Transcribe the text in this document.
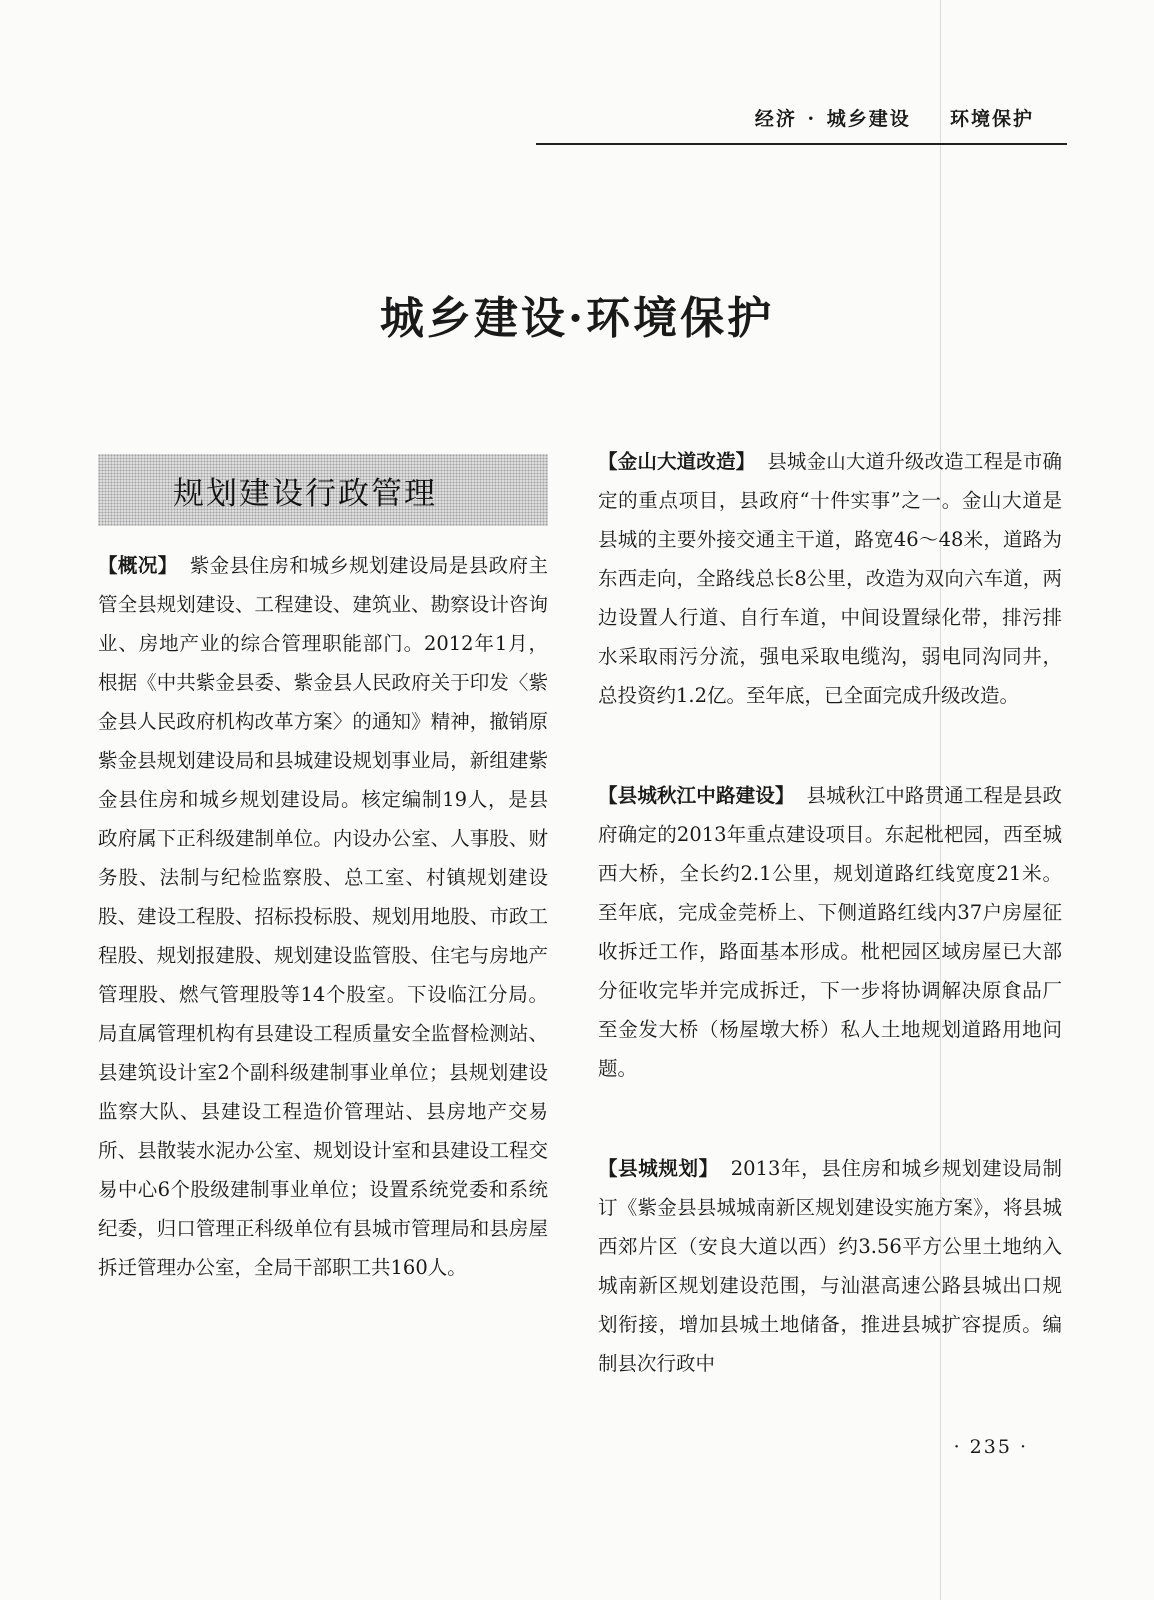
经济 · 城乡建设 环境保护
城乡建设·环境保护
规划建设行政管理

【概况】 紫金县住房和城乡规划建设局是县政府主管全县规划建设、工程建设、建筑业、勘察设计咨询业、房地产业的综合管理职能部门。2012年1月，根据《中共紫金县委、紫金县人民政府关于印发〈紫金县人民政府机构改革方案〉的通知》精神，撤销原紫金县规划建设局和县城建设规划事业局，新组建紫金县住房和城乡规划建设局。核定编制19人，是县政府属下正科级建制单位。内设办公室、人事股、财务股、法制与纪检监察股、总工室、村镇规划建设股、建设工程股、招标投标股、规划用地股、市政工程股、规划报建股、规划建设监管股、住宅与房地产管理股、燃气管理股等14个股室。下设临江分局。局直属管理机构有县建设工程质量安全监督检测站、县建筑设计室2个副科级建制事业单位；县规划建设监察大队、县建设工程造价管理站、县房地产交易所、县散装水泥办公室、规划设计室和县建设工程交易中心6个股级建制事业单位；设置系统党委和系统纪委，归口管理正科级单位有县城市管理局和县房屋拆迁管理办公室，全局干部职工共160人。

【金山大道改造】 县城金山大道升级改造工程是市确定的重点项目，县政府“十件实事”之一。金山大道是县城的主要外接交通主干道，路宽46～48米，道路为东西走向，全路线总长8公里，改造为双向六车道，两边设置人行道、自行车道，中间设置绿化带，排污排水采取雨污分流，强电采取电缆沟，弱电同沟同井，总投资约1.2亿。至年底，已全面完成升级改造。

【县城秋江中路建设】 县城秋江中路贯通工程是县政府确定的2013年重点建设项目。东起枇杷园，西至城西大桥，全长约2.1公里，规划道路红线宽度21米。至年底，完成金莞桥上、下侧道路红线内37户房屋征收拆迁工作，路面基本形成。枇杷园区域房屋已大部分征收完毕并完成拆迁，下一步将协调解决原食品厂至金发大桥（杨屋墩大桥）私人土地规划道路用地问题。

【县城规划】 2013年，县住房和城乡规划建设局制订《紫金县县城城南新区规划建设实施方案》，将县城西郊片区（安良大道以西）约3.56平方公里土地纳入城南新区规划建设范围，与汕湛高速公路县城出口规划衔接，增加县城土地储备，推进县城扩容提质。编制县次行政中

· 235 ·
